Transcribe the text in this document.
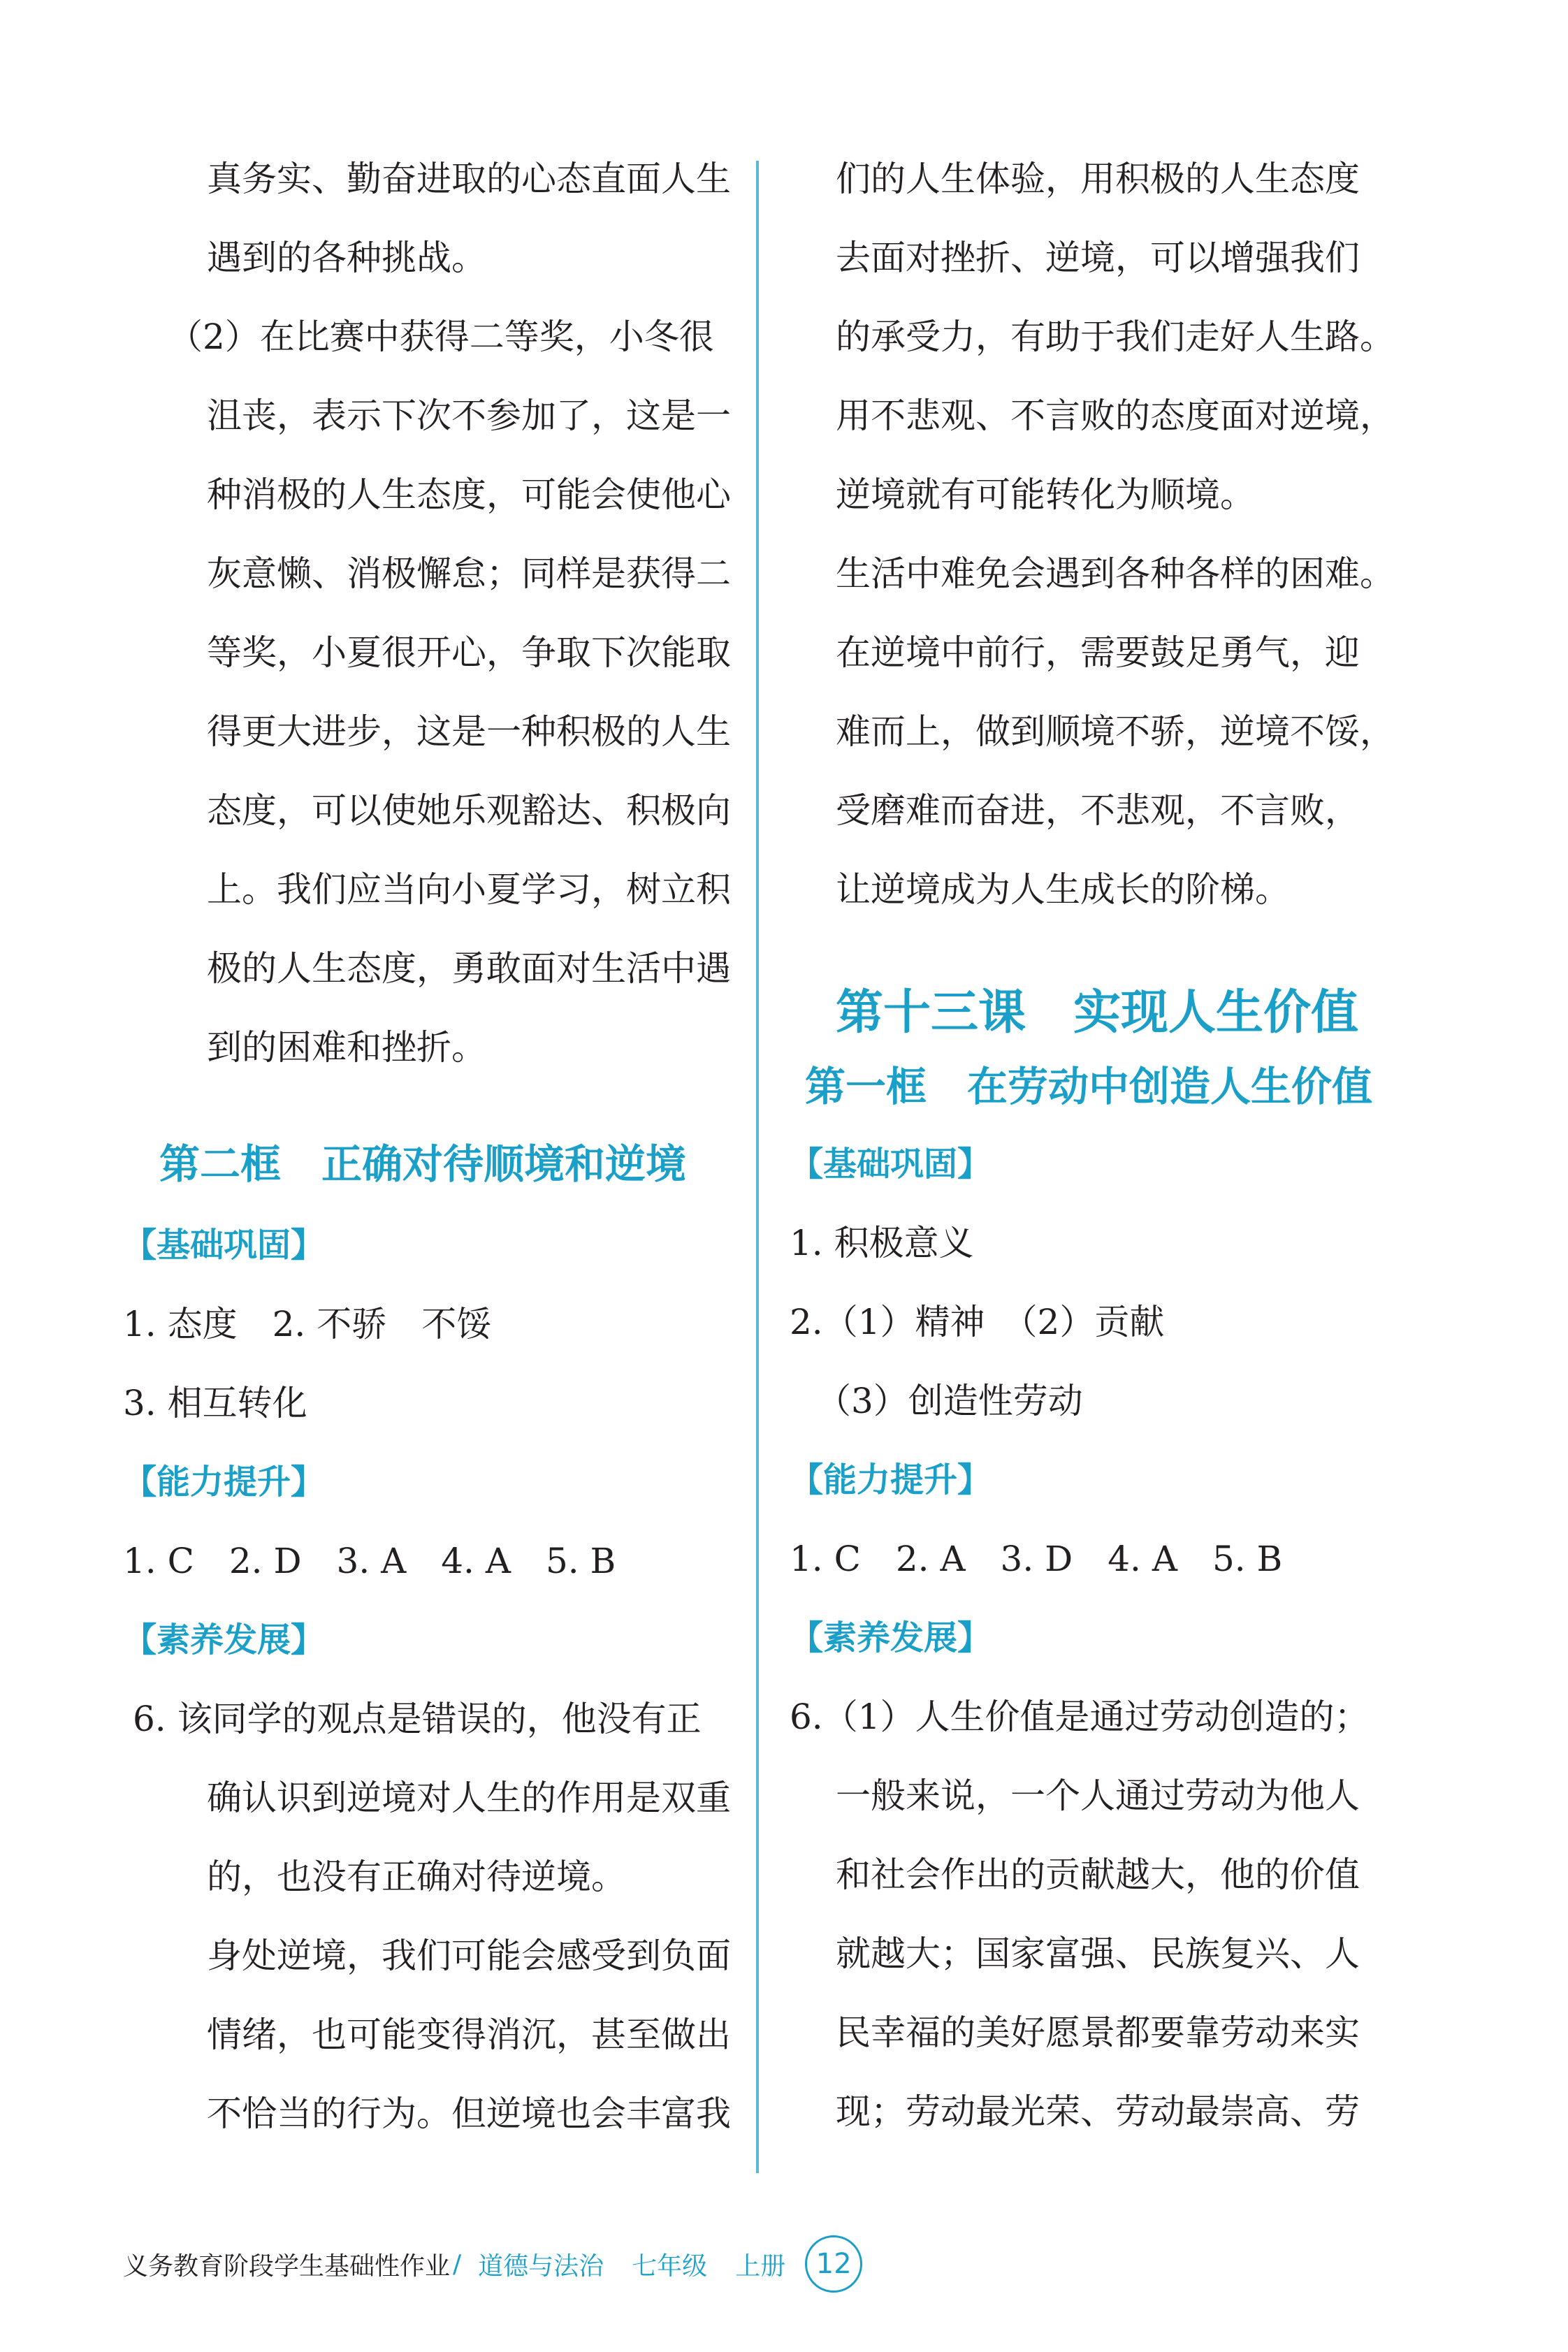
真务实、勤奋进取的心态直面人生
遇到的各种挑战。
（2）在比赛中获得二等奖，小冬很
沮丧，表示下次不参加了，这是一
种消极的人生态度，可能会使他心
灰意懒、消极懈怠；同样是获得二
等奖，小夏很开心，争取下次能取
得更大进步，这是一种积极的人生
态度，可以使她乐观豁达、积极向
上。我们应当向小夏学习，树立积
极的人生态度，勇敢面对生活中遇
到的困难和挫折。
第二框　正确对待顺境和逆境
【基础巩固】
1. 态度　2. 不骄　不馁
3. 相互转化
【能力提升】
1. C　2. D　3. A　4. A　5. B
【素养发展】
6. 该同学的观点是错误的，他没有正
确认识到逆境对人生的作用是双重
的，也没有正确对待逆境。
身处逆境，我们可能会感受到负面
情绪，也可能变得消沉，甚至做出
不恰当的行为。但逆境也会丰富我
们的人生体验，用积极的人生态度
去面对挫折、逆境，可以增强我们
的承受力，有助于我们走好人生路。
用不悲观、不言败的态度面对逆境，
逆境就有可能转化为顺境。
生活中难免会遇到各种各样的困难。
在逆境中前行，需要鼓足勇气，迎
难而上，做到顺境不骄，逆境不馁，
受磨难而奋进，不悲观，不言败，
让逆境成为人生成长的阶梯。
第十三课　实现人生价值
第一框　在劳动中创造人生价值
【基础巩固】
1. 积极意义
2.（1）精神　（2）贡献
（3）创造性劳动
【能力提升】
1. C　2. A　3. D　4. A　5. B
【素养发展】
6.（1）人生价值是通过劳动创造的；
一般来说，一个人通过劳动为他人
和社会作出的贡献越大，他的价值
就越大；国家富强、民族复兴、人
民幸福的美好愿景都要靠劳动来实
现；劳动最光荣、劳动最崇高、劳
义务教育阶段学生基础性作业 / 道德与法治 七年级 上册	12
